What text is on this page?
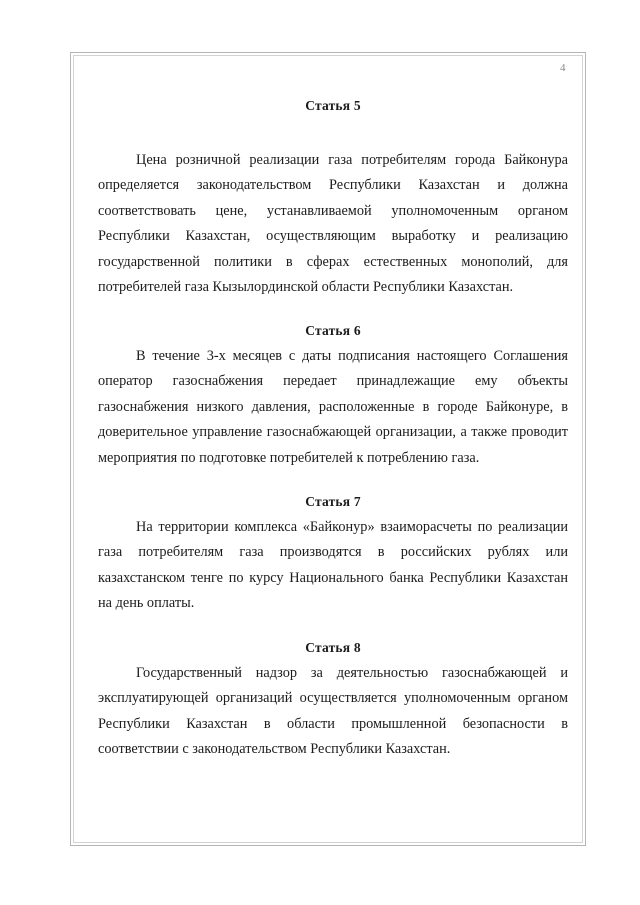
4
Статья 5

Цена розничной реализации газа потребителям города Байконура определяется законодательством Республики Казахстан и должна соответствовать цене, устанавливаемой уполномоченным органом Республики Казахстан, осуществляющим выработку и реализацию государственной политики в сферах естественных монополий, для потребителей газа Кызылординской области Республики Казахстан.

Статья 6

В течение 3-х месяцев с даты подписания настоящего Соглашения оператор газоснабжения передает принадлежащие ему объекты газоснабжения низкого давления, расположенные в городе Байконуре, в доверительное управление газоснабжающей организации, а также проводит мероприятия по подготовке потребителей к потреблению газа.

Статья 7

На территории комплекса «Байконур» взаиморасчеты по реализации газа потребителям газа производятся в российских рублях или казахстанском тенге по курсу Национального банка Республики Казахстан на день оплаты.

Статья 8

Государственный надзор за деятельностью газоснабжающей и эксплуатирующей организаций осуществляется уполномоченным органом Республики Казахстан в области промышленной безопасности в соответствии с законодательством Республики Казахстан.
